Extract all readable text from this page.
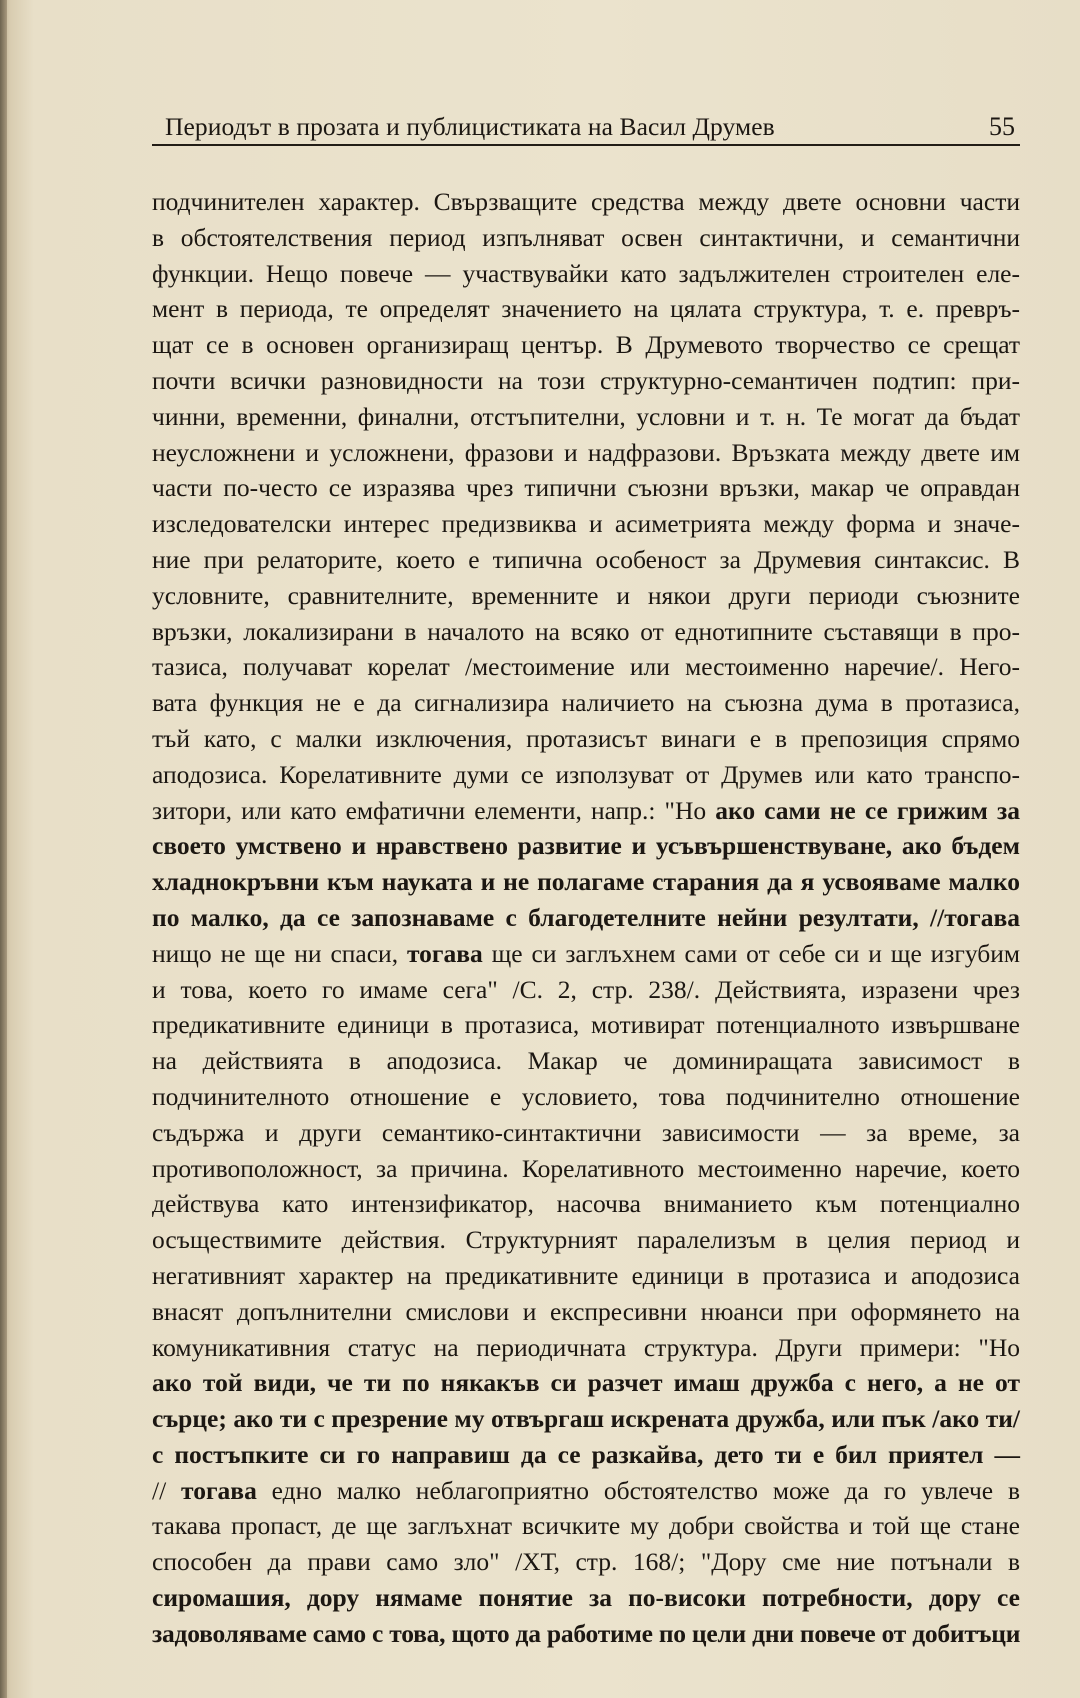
Периодът в прозата и публицистиката на Васил Друмев	55
подчинителен характер. Свързващите средства между двете основни части
в обстоятелствения период изпълняват освен синтактични, и семантични
функции. Нещо повече — участвувайки като задължителен строителен еле-
мент в периода, те определят значението на цялата структура, т. е. превръ-
щат се в основен организиращ център. В Друмевото творчество се срещат
почти всички разновидности на този структурно-семантичен подтип: при-
чинни, временни, финални, отстъпителни, условни и т. н. Те могат да бъдат
неусложнени и усложнени, фразови и надфразови. Връзката между двете им
части по-често се изразява чрез типични съюзни връзки, макар че оправдан
изследователски интерес предизвиква и асиметрията между форма и значе-
ние при релаторите, което е типична особеност за Друмевия синтаксис. В
условните, сравнителните, временните и някои други периоди съюзните
връзки, локализирани в началото на всяко от еднотипните съставящи в про-
тазиса, получават корелат /местоимение или местоименно наречие/. Него-
вата функция не е да сигнализира наличието на съюзна дума в протазиса,
тъй като, с малки изключения, протазисът винаги е в препозиция спрямо
аподозиса. Корелативните думи се използуват от Друмев или като транспо-
зитори, или като емфатични елементи, напр.: "Но ако сами не се грижим за
своето умствено и нравствено развитие и усъвършенствуване, ако бъдем
хладнокръвни към науката и не полагаме старания да я усвояваме малко
по малко, да се запознаваме с благодетелните нейни резултати, //тогава
нищо не ще ни спаси, тогава ще си заглъхнем сами от себе си и ще изгубим
и това, което го имаме сега" /С. 2, стр. 238/. Действията, изразени чрез
предикативните единици в протазиса, мотивират потенциалното извършване
на действията в аподозиса. Макар че доминиращата зависимост в
подчинителното отношение е условието, това подчинително отношение
съдържа и други семантико-синтактични зависимости — за време, за
противоположност, за причина. Корелативното местоименно наречие, което
действува като интензификатор, насочва вниманието към потенциално
осъществимите действия. Структурният паралелизъм в целия период и
негативният характер на предикативните единици в протазиса и аподозиса
внасят допълнителни смислови и експресивни нюанси при оформянето на
комуникативния статус на периодичната структура. Други примери: "Но
ако той види, че ти по някакъв си разчет имаш дружба с него, а не от
сърце; ако ти с презрение му отвъргаш искрената дружба, или пък /ако ти/
с постъпките си го направиш да се разкайва, дето ти е бил приятел —
// тогава едно малко неблагоприятно обстоятелство може да го увлече в
такава пропаст, де ще заглъхнат всичките му добри свойства и той ще стане
способен да прави само зло" /ХТ, стр. 168/; "Дору сме ние потънали в
сиромашия, дору нямаме понятие за по-високи потребности, дору се
задоволяваме само с това, щото да работиме по цели дни повече от добитъци
